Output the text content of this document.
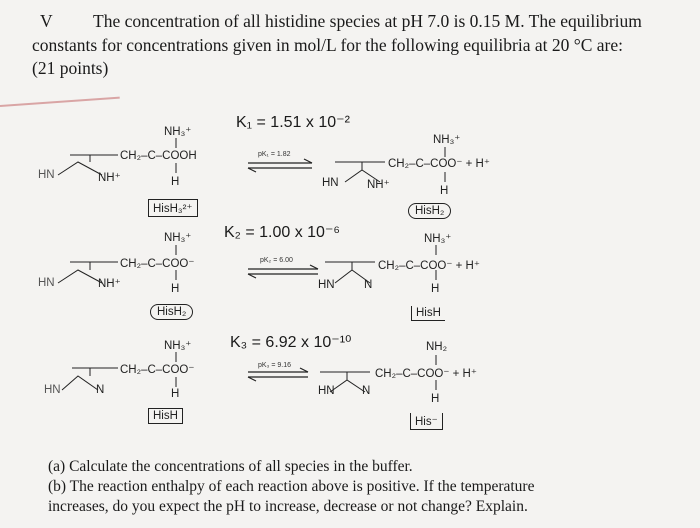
V The concentration of all histidine species at pH 7.0 is 0.15 M. The equilibrium
constants for concentrations given in mol/L for the following equilibria at 20 °C are:
(21 points)
K₁ = 1.51 x 10⁻²
pK₁ = 1.82
NH₃⁺
CH₂–C–COOH
H
HN	NH⁺
HisH₃²⁺
NH₃⁺
CH₂–C–COO⁻ + H⁺
H
HN NH⁺
HisH₂
K₂ = 1.00 x 10⁻⁶
pK₂ = 6.00
NH₃⁺
CH₂–C–COO⁻
H
HN	NH⁺
HisH₂
NH₃⁺
CH₂–C–COO⁻ + H⁺
H
HN	N
HisH
K₃ = 6.92 x 10⁻¹⁰
pK₃ = 9.16
NH₃⁺
CH₂–C–COO⁻
H
HN	N
HisH
NH₂
CH₂–C–COO⁻ + H⁺
H
HN N
His⁻
(a) Calculate the concentrations of all species in the buffer.
(b) The reaction enthalpy of each reaction above is positive. If the temperature
increases, do you expect the pH to increase, decrease or not change? Explain.
